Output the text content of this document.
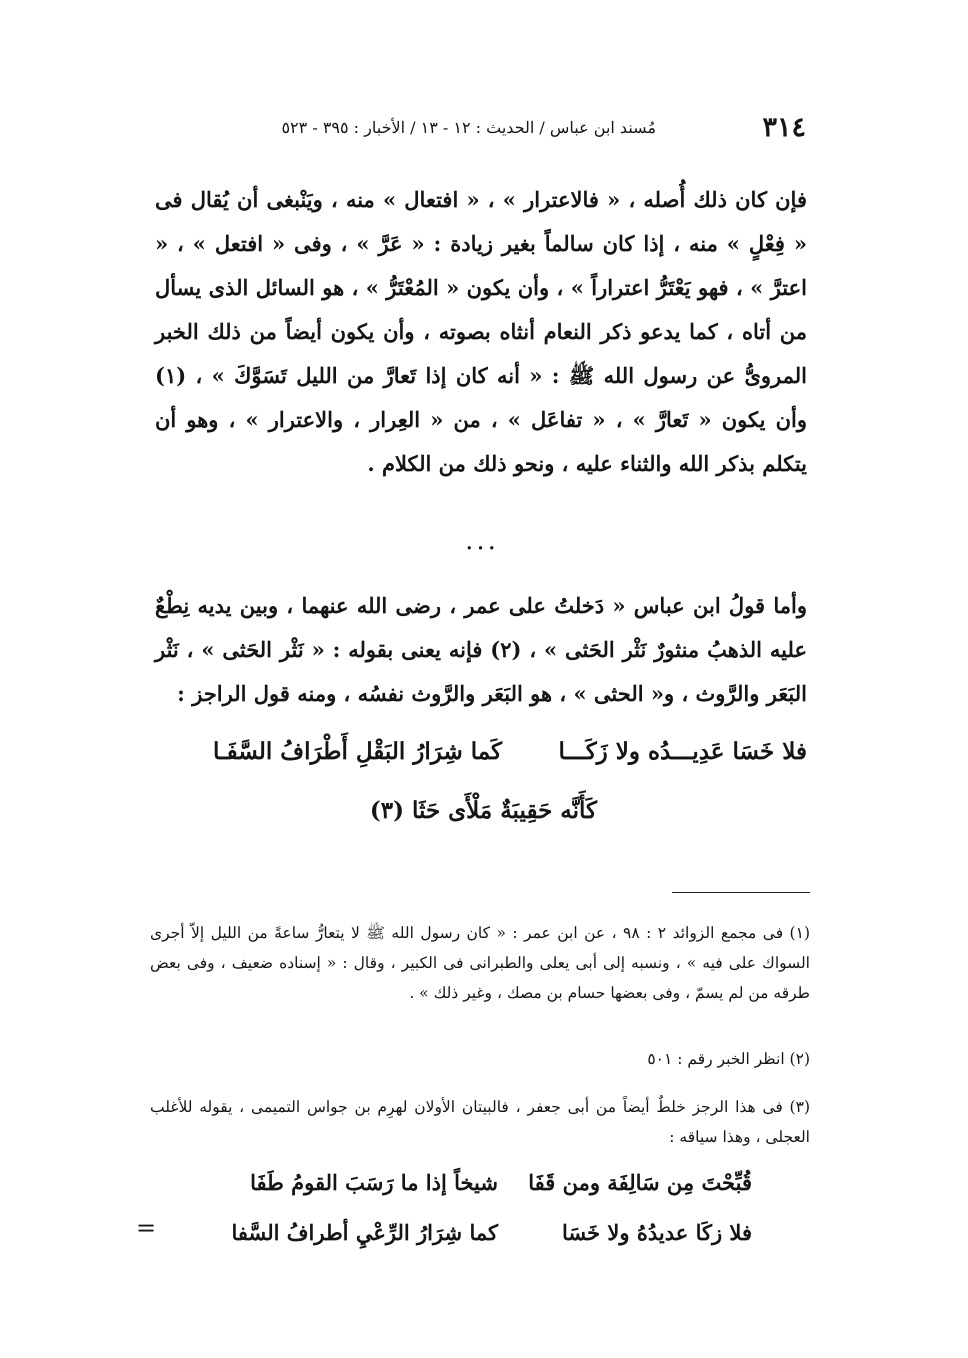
٣١٤
مُسند ابن عباس / الحديث : ١٢ - ١٣ / الأخبار : ٣٩٥ - ٥٢٣
فإن كان ذلك أُصله ، « فالاعترار » ، « افتعال » منه ، ويَنْبغى أن يُقال فى « فِعْلٍ » منه ، إذا كان سالماً بغير زيادة : « عَرَّ » ، وفى « افتعل » ، « اعترَّ » ، فهو يَعْتَرُّ اعتراراً » ، وأن يكون « المُعْتَرُّ » ، هو السائل الذى يسأل من أتاه ، كما يدعو ذكر النعام أنثاه بصوته ، وأن يكون أيضاً من ذلك الخبر المروىُّ عن رسول الله ﷺ : « أنه كان إذا تَعارَّ من الليل تَسَوَّكَ » ، (١) وأن يكون « تَعارَّ » ، « تفاعَل » ، من « العِرار ، والاعترار » ، وهو أن يتكلم بذكر الله والثناء عليه ، ونحو ذلك من الكلام .
...
وأما قولُ ابن عباس « دَخلتُ على عمر ، رضى الله عنهما ، وبين يديه نِطْعٌ عليه الذهبُ منثورٌ نَثْر الحَثى » ، (٢) فإنه يعنى بقوله : « نَثْر الحَثى » ، نَثْر البَعَر والرَّوث ، و« الحثى » ، هو البَعَر والرَّوث نفسُه ، ومنه قول الراجز :
فلا خَسَا عَدِيـــدُه ولا زَكَـــا
كَما شِرَارُ البَقْلِ أَطْرَافُ السَّفَـا
كَأَنَّه حَقِيبَةٌ مَلْأَى حَثَا (٣)
(١) فى مجمع الزوائد ٢ : ٩٨ ، عن ابن عمر : « كان رسول الله ﷺ لا يتعارُّ ساعةً من الليل إلاّ أجرى السواك على فيه » ، ونسبه إلى أبى يعلى والطبرانى فى الكبير ، وقال : « إسناده ضعيف ، وفى بعض طرقه من لم يسمّ ، وفى بعضها حسام بن مصك ، وغير ذلك » .
(٢) انظر الخبر رقم : ٥٠١
(٣) فى هذا الرجز خلطٌ أيضاً من أبى جعفر ، فالبيتان الأولان لهرِم بن جواس التميمى ، يقوله للأغلب العجلى ، وهذا سياقه :
قُبِّحْتَ مِن سَالِفَة ومن قَفَا
شيخاً إذا ما رَسَبَ القومُ طَفَا
فلا زكَا عديدُهُ ولا خَسَا
كما شِرَارُ الرِّعْيِ أطرافُ السَّفا
=
